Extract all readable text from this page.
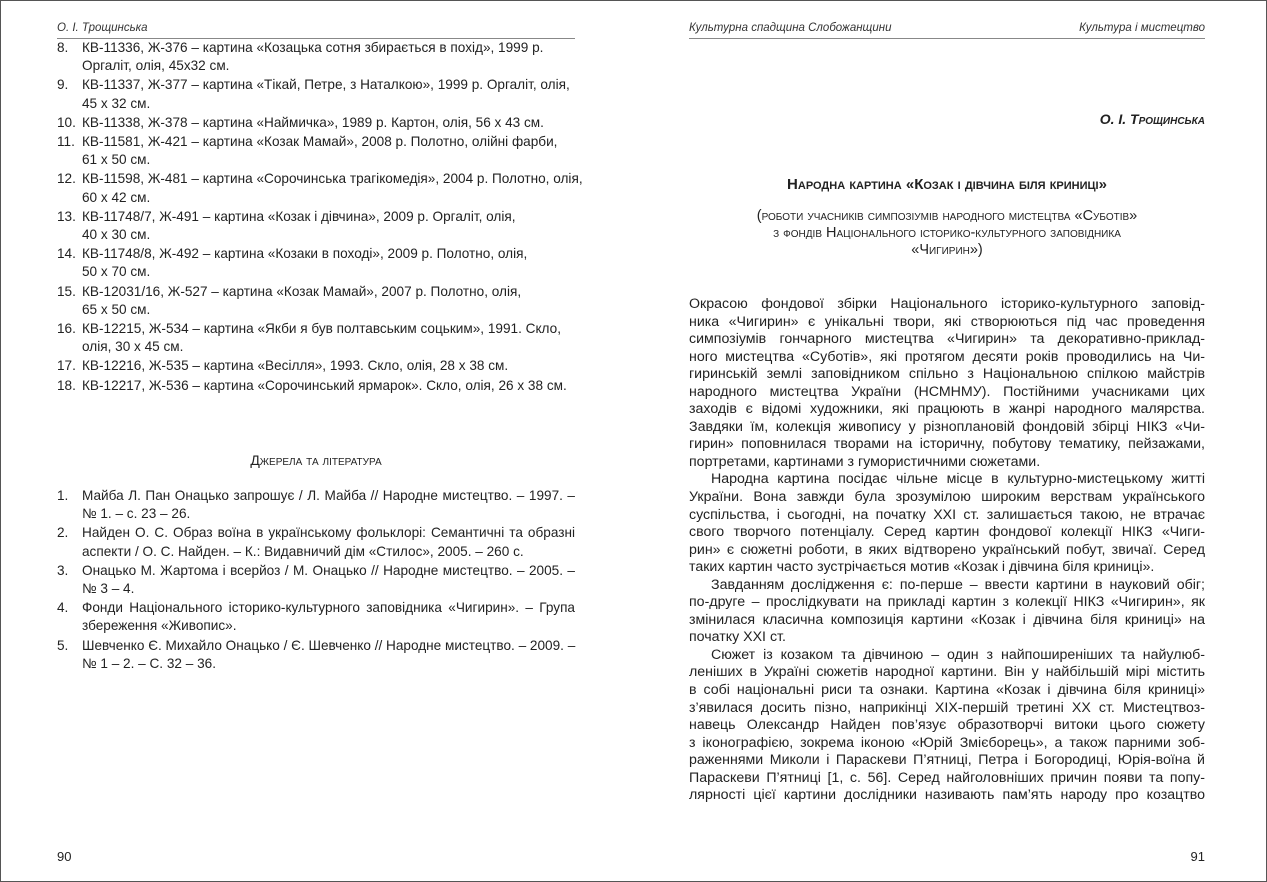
О. І. Трощинська
8.	КВ-11336, Ж-376 – картина «Козацька сотня збирається в похід», 1999 р.
Оргаліт, олія, 45х32 см.
9.	КВ-11337, Ж-377 – картина «Тікай, Петре, з Наталкою», 1999 р. Оргаліт, олія,
45 х 32 см.
10. КВ-11338, Ж-378 – картина «Наймичка», 1989 р. Картон, олія, 56 х 43 см.
11. КВ-11581, Ж-421 – картина «Козак Мамай», 2008 р. Полотно, олійні фарби,
61 х 50 см.
12. КВ-11598, Ж-481 – картина «Сорочинська трагікомедія», 2004 р. Полотно, олія,
60 х 42 см.
13. КВ-11748/7, Ж-491 – картина «Козак і дівчина», 2009 р. Оргаліт, олія,
40 х 30 см.
14. КВ-11748/8, Ж-492 – картина «Козаки в поході», 2009 р. Полотно, олія,
50 х 70 см.
15. КВ-12031/16, Ж-527 – картина «Козак Мамай», 2007 р. Полотно, олія,
65 х 50 см.
16. КВ-12215, Ж-534 – картина «Якби я був полтавським соцьким», 1991. Скло,
олія, 30 х 45 см.
17. КВ-12216, Ж-535 – картина «Весілля», 1993. Скло, олія, 28 х 38 см.
18. КВ-12217, Ж-536 – картина «Сорочинський ярмарок». Скло, олія, 26 х 38 см.
Джерела та література
1.	Майба Л. Пан Онацько запрошує / Л. Майба // Народне мистецтво. – 1997. –
№ 1. – с. 23 – 26.
2.	Найден О. С. Образ воїна в українському фольклорі: Семантичні та образні
аспекти / О. С. Найден. – К.: Видавничий дім «Стилос», 2005. – 260 с.
3.	Онацько М. Жартома і всерйоз / М. Онацько // Народне мистецтво. – 2005. –
№ 3 – 4.
4.	Фонди Національного історико-культурного заповідника «Чигирин». – Група
збереження «Живопис».
5.	Шевченко Є. Михайло Онацько / Є. Шевченко // Народне мистецтво. – 2009. –
№ 1 – 2. – С. 32 – 36.
90
Культурна спадщина Слобожанщини	Культура і мистецтво
О. І. Трощинська
Народна картина «Козак і дівчина біля криниці»
(роботи учасників симпозіумів народного мистецтва «Суботів»
з фондів Національного історико-культурного заповідника
«Чигирин»)
Окрасою фондової збірки Національного історико-культурного заповід-
ника «Чигирин» є унікальні твори, які створюються під час проведення
симпозіумів гончарного мистецтва «Чигирин» та декоративно-приклад-
ного мистецтва «Суботів», які протягом десяти років проводились на Чи-
гиринській землі заповідником спільно з Національною спілкою майстрів
народного мистецтва України (НСМНМУ). Постійними учасниками цих
заходів є відомі художники, які працюють в жанрі народного малярства.
Завдяки їм, колекція живопису у різноплановій фондовій збірці НІКЗ «Чи-
гирин» поповнилася творами на історичну, побутову тематику, пейзажами,
портретами, картинами з гумористичними сюжетами.
Народна картина посідає чільне місце в культурно-мистецькому житті
України. Вона завжди була зрозумілою широким верствам українського
суспільства, і сьогодні, на початку XXI ст. залишається такою, не втрачає
свого творчого потенціалу. Серед картин фондової колекції НІКЗ «Чиги-
рин» є сюжетні роботи, в яких відтворено український побут, звичаї. Серед
таких картин часто зустрічається мотив «Козак і дівчина біля криниці».
Завданням дослідження є: по-перше – ввести картини в науковий обіг;
по-друге – прослідкувати на прикладі картин з колекції НІКЗ «Чигирин», як
змінилася класична композиція картини «Козак і дівчина біля криниці» на
початку XXI ст.
Сюжет із козаком та дівчиною – один з найпоширеніших та найулюб-
леніших в Україні сюжетів народної картини. Він у найбільшій мірі містить
в собі національні риси та ознаки. Картина «Козак і дівчина біля криниці»
з’явилася досить пізно, наприкінці XIX-першій третині XX ст. Мистецтвоз-
навець Олександр Найден пов’язує образотворчі витоки цього сюжету
з іконографією, зокрема іконою «Юрій Змієборець», а також парними зоб-
раженнями Миколи і Параскеви П’ятниці, Петра і Богородиці, Юрія-воїна й
Параскеви П’ятниці [1, с. 56]. Серед найголовніших причин появи та попу-
лярності цієї картини дослідники називають пам’ять народу про козацтво
91
